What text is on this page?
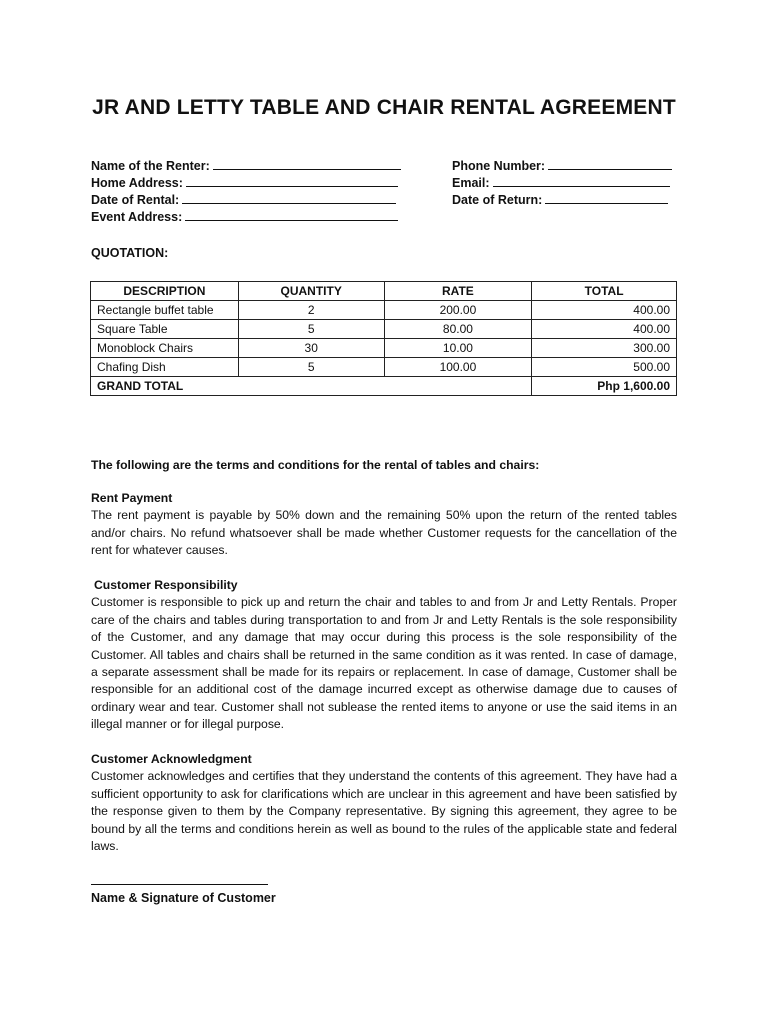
JR AND LETTY TABLE AND CHAIR RENTAL AGREEMENT
Name of the Renter:
Home Address:
Date of Rental:
Event Address:
Phone Number:
Email:
Date of Return:
QUOTATION:
DESCRIPTION	QUANTITY	RATE	TOTAL
Rectangle buffet table	2	200.00	400.00
Square Table	5	80.00	400.00
Monoblock Chairs	30	10.00	300.00
Chafing Dish	5	100.00	500.00
GRAND TOTAL			Php 1,600.00
The following are the terms and conditions for the rental of tables and chairs:
Rent Payment
The rent payment is payable by 50% down and the remaining 50% upon the return of the rented tables and/or chairs. No refund whatsoever shall be made whether Customer requests for the cancellation of the rent for whatever causes.
Customer Responsibility
Customer is responsible to pick up and return the chair and tables to and from Jr and Letty Rentals. Proper care of the chairs and tables during transportation to and from Jr and Letty Rentals is the sole responsibility of the Customer, and any damage that may occur during this process is the sole responsibility of the Customer. All tables and chairs shall be returned in the same condition as it was rented. In case of damage, a separate assessment shall be made for its repairs or replacement. In case of damage, Customer shall be responsible for an additional cost of the damage incurred except as otherwise damage due to causes of ordinary wear and tear. Customer shall not sublease the rented items to anyone or use the said items in an illegal manner or for illegal purpose.
Customer Acknowledgment
Customer acknowledges and certifies that they understand the contents of this agreement. They have had a sufficient opportunity to ask for clarifications which are unclear in this agreement and have been satisfied by the response given to them by the Company representative. By signing this agreement, they agree to be bound by all the terms and conditions herein as well as bound to the rules of the applicable state and federal laws.
Name & Signature of Customer
